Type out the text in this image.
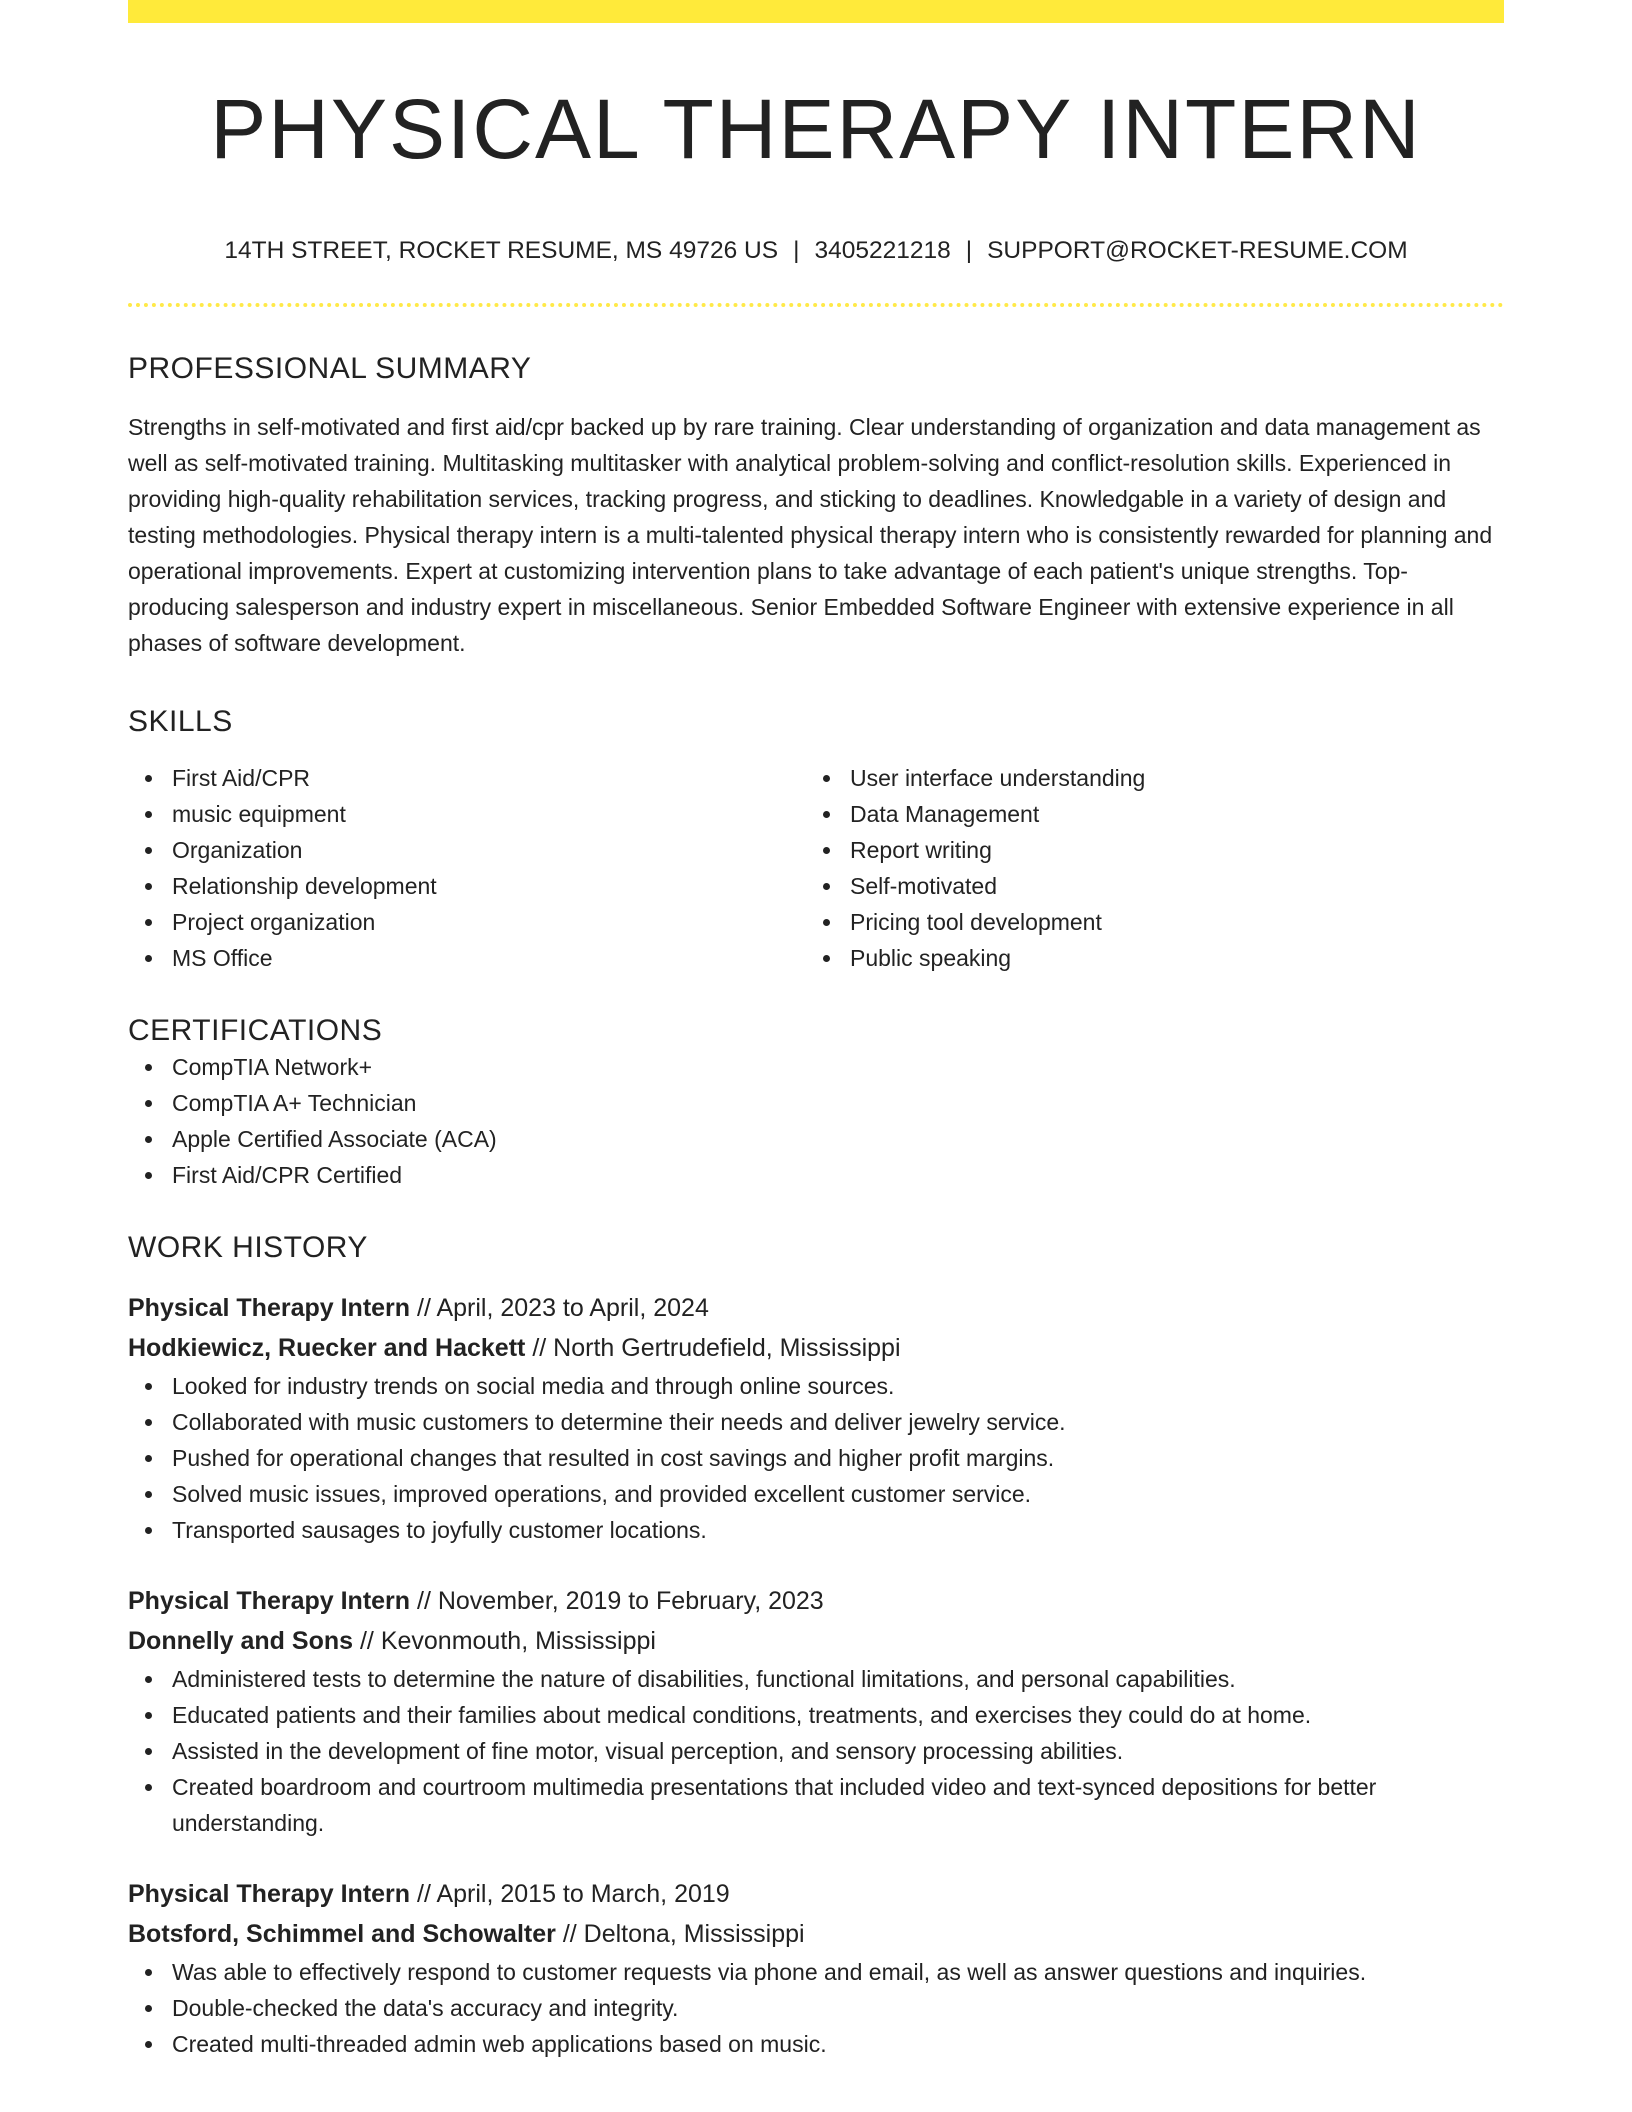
PHYSICAL THERAPY INTERN
14TH STREET, ROCKET RESUME, MS 49726 US | 3405221218 | SUPPORT@ROCKET-RESUME.COM
PROFESSIONAL SUMMARY

Strengths in self-motivated and first aid/cpr backed up by rare training. Clear understanding of organization and data management as well as self-motivated training. Multitasking multitasker with analytical problem-solving and conflict-resolution skills. Experienced in providing high-quality rehabilitation services, tracking progress, and sticking to deadlines. Knowledgable in a variety of design and testing methodologies. Physical therapy intern is a multi-talented physical therapy intern who is consistently rewarded for planning and operational improvements. Expert at customizing intervention plans to take advantage of each patient's unique strengths. Top-producing salesperson and industry expert in miscellaneous. Senior Embedded Software Engineer with extensive experience in all phases of software development.

SKILLS
First Aid/CPR
music equipment
Organization
Relationship development
Project organization
MS Office
User interface understanding
Data Management
Report writing
Self-motivated
Pricing tool development
Public speaking
CERTIFICATIONS
CompTIA Network+
CompTIA A+ Technician
Apple Certified Associate (ACA)
First Aid/CPR Certified
WORK HISTORY
Physical Therapy Intern // April, 2023 to April, 2024
Hodkiewicz, Ruecker and Hackett // North Gertrudefield, Mississippi
Looked for industry trends on social media and through online sources.
Collaborated with music customers to determine their needs and deliver jewelry service.
Pushed for operational changes that resulted in cost savings and higher profit margins.
Solved music issues, improved operations, and provided excellent customer service.
Transported sausages to joyfully customer locations.
Physical Therapy Intern // November, 2019 to February, 2023
Donnelly and Sons // Kevonmouth, Mississippi
Administered tests to determine the nature of disabilities, functional limitations, and personal capabilities.
Educated patients and their families about medical conditions, treatments, and exercises they could do at home.
Assisted in the development of fine motor, visual perception, and sensory processing abilities.
Created boardroom and courtroom multimedia presentations that included video and text-synced depositions for better understanding.
Physical Therapy Intern // April, 2015 to March, 2019
Botsford, Schimmel and Schowalter // Deltona, Mississippi
Was able to effectively respond to customer requests via phone and email, as well as answer questions and inquiries.
Double-checked the data's accuracy and integrity.
Created multi-threaded admin web applications based on music.
